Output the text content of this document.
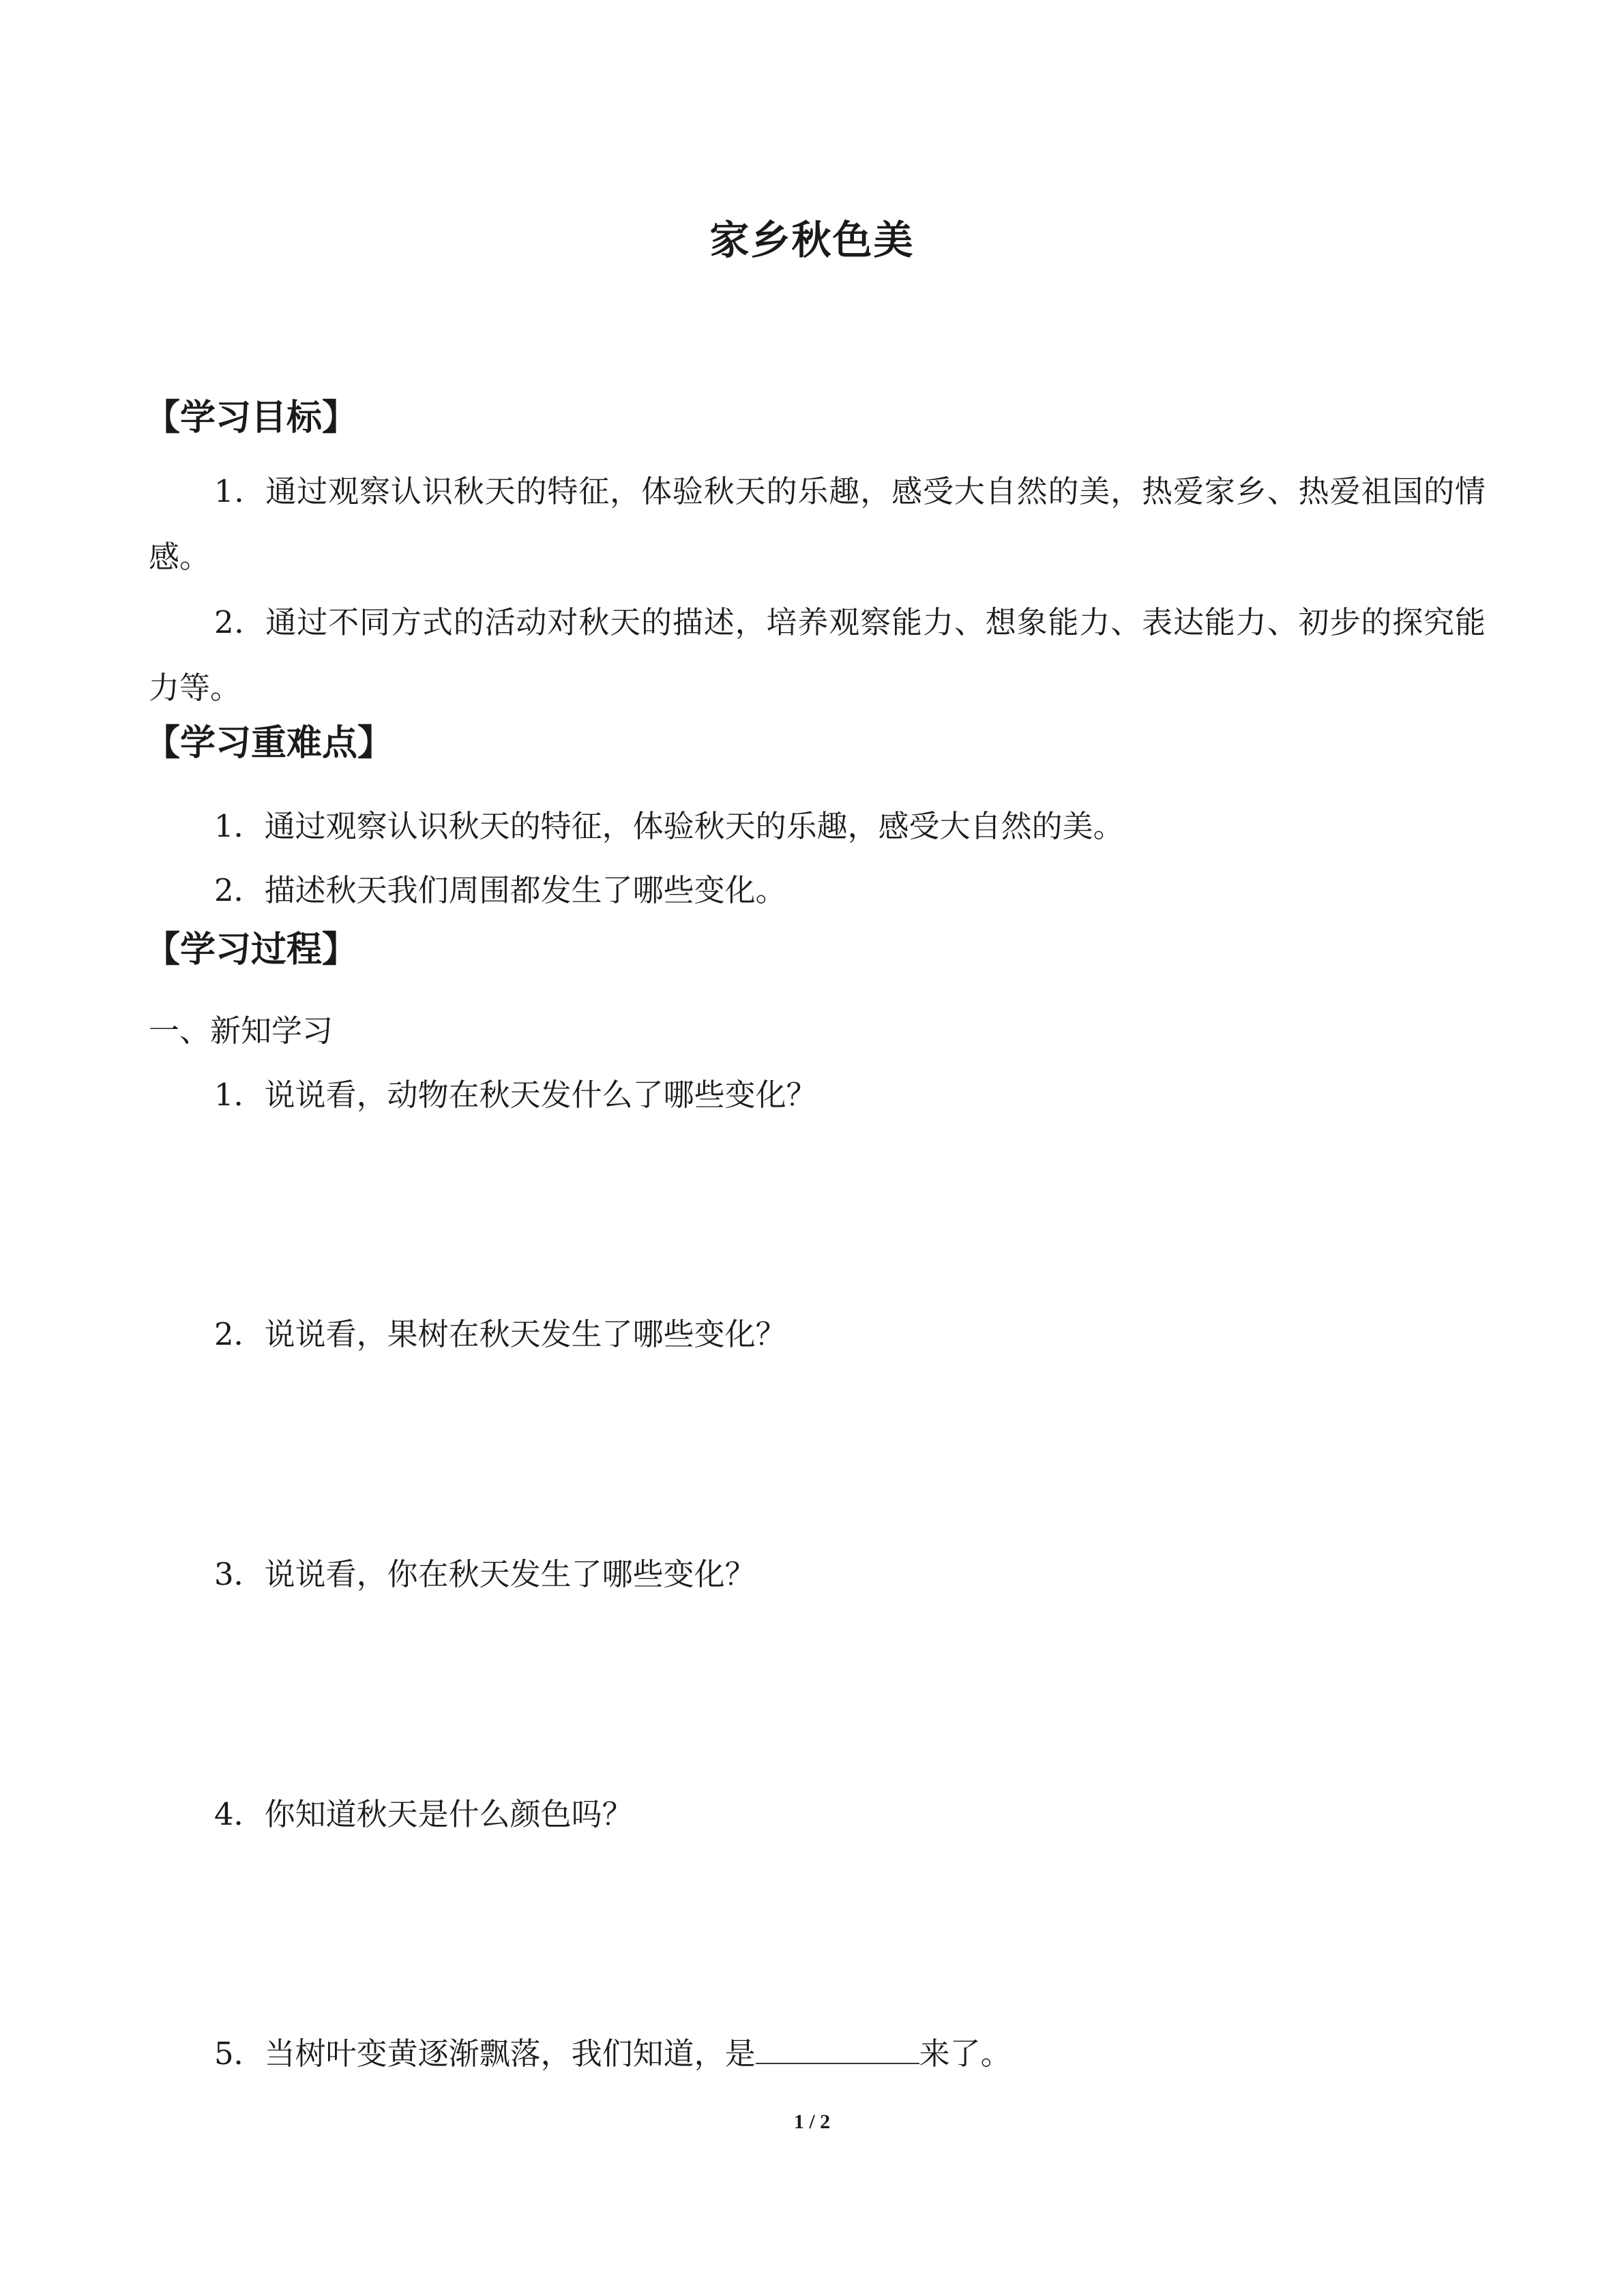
家乡秋色美
【学习目标】
1．通过观察认识秋天的特征，体验秋天的乐趣，感受大自然的美，热爱家乡、热爱祖国的情感。
2．通过不同方式的活动对秋天的描述，培养观察能力、想象能力、表达能力、初步的探究能力等。
【学习重难点】
1．通过观察认识秋天的特征，体验秋天的乐趣，感受大自然的美。
2．描述秋天我们周围都发生了哪些变化。
【学习过程】
一、新知学习
1．说说看，动物在秋天发什么了哪些变化？
2．说说看，果树在秋天发生了哪些变化？
3．说说看，你在秋天发生了哪些变化？
4．你知道秋天是什么颜色吗？
5．当树叶变黄逐渐飘落，我们知道，是	来了。
1 / 2
